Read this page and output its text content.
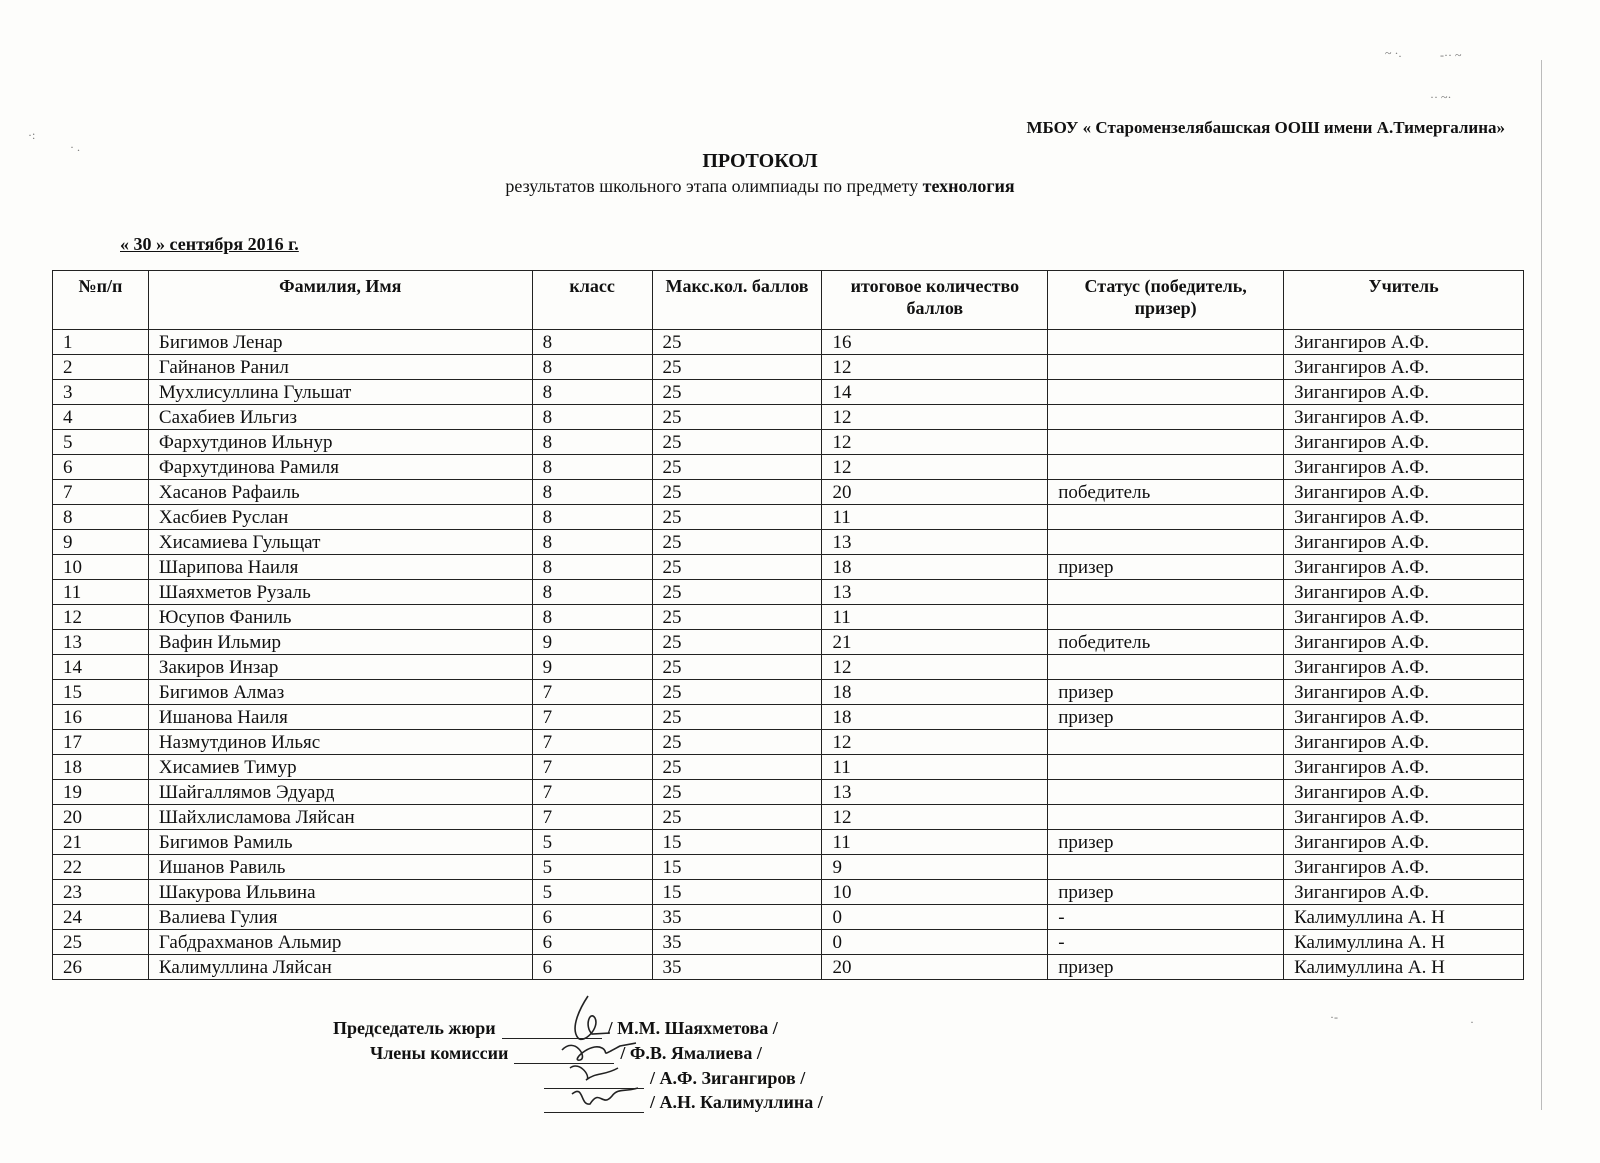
МБОУ « Старомензелябашская ООШ имени А.Тимергалина»
ПРОТОКОЛ
результатов школьного этапа олимпиады по предмету технология
« 30 » сентября 2016 г.
№п/п	Фамилия, Имя	класс	Макс.кол. баллов	итоговое количество баллов	Статус (победитель, призер)	Учитель
1	Бигимов Ленар	8	25	16		Зигангиров А.Ф.
2	Гайнанов Ранил	8	25	12		Зигангиров А.Ф.
3	Мухлисуллина Гульшат	8	25	14		Зигангиров А.Ф.
4	Сахабиев Ильгиз	8	25	12		Зигангиров А.Ф.
5	Фархутдинов Ильнур	8	25	12		Зигангиров А.Ф.
6	Фархутдинова Рамиля	8	25	12		Зигангиров А.Ф.
7	Хасанов Рафаиль	8	25	20	победитель	Зигангиров А.Ф.
8	Хасбиев Руслан	8	25	11		Зигангиров А.Ф.
9	Хисамиева Гульщат	8	25	13		Зигангиров А.Ф.
10	Шарипова Наиля	8	25	18	призер	Зигангиров А.Ф.
11	Шаяхметов Рузаль	8	25	13		Зигангиров А.Ф.
12	Юсупов Фаниль	8	25	11		Зигангиров А.Ф.
13	Вафин Ильмир	9	25	21	победитель	Зигангиров А.Ф.
14	Закиров Инзар	9	25	12		Зигангиров А.Ф.
15	Бигимов Алмаз	7	25	18	призер	Зигангиров А.Ф.
16	Ишанова Наиля	7	25	18	призер	Зигангиров А.Ф.
17	Назмутдинов Ильяс	7	25	12		Зигангиров А.Ф.
18	Хисамиев Тимур	7	25	11		Зигангиров А.Ф.
19	Шайгаллямов Эдуард	7	25	13		Зигангиров А.Ф.
20	Шайхлисламова Ляйсан	7	25	12		Зигангиров А.Ф.
21	Бигимов Рамиль	5	15	11	призер	Зигангиров А.Ф.
22	Ишанов Равиль	5	15	9		Зигангиров А.Ф.
23	Шакурова Ильвина	5	15	10	призер	Зигангиров А.Ф.
24	Валиева Гулия	6	35	0	-	Калимуллина А. Н
25	Габдрахманов Альмир	6	35	0	-	Калимуллина А. Н
26	Калимуллина Ляйсан	6	35	20	призер	Калимуллина А. Н
Председатель жюри	/ М.М. Шаяхметова /
Члены комиссии	/ Ф.В. Ямалиева /
/ А.Ф. Зигангиров /
/ А.Н. Калимуллина /
~ ·.	-·· ~
·· ~·
·:
· .
·-	·
